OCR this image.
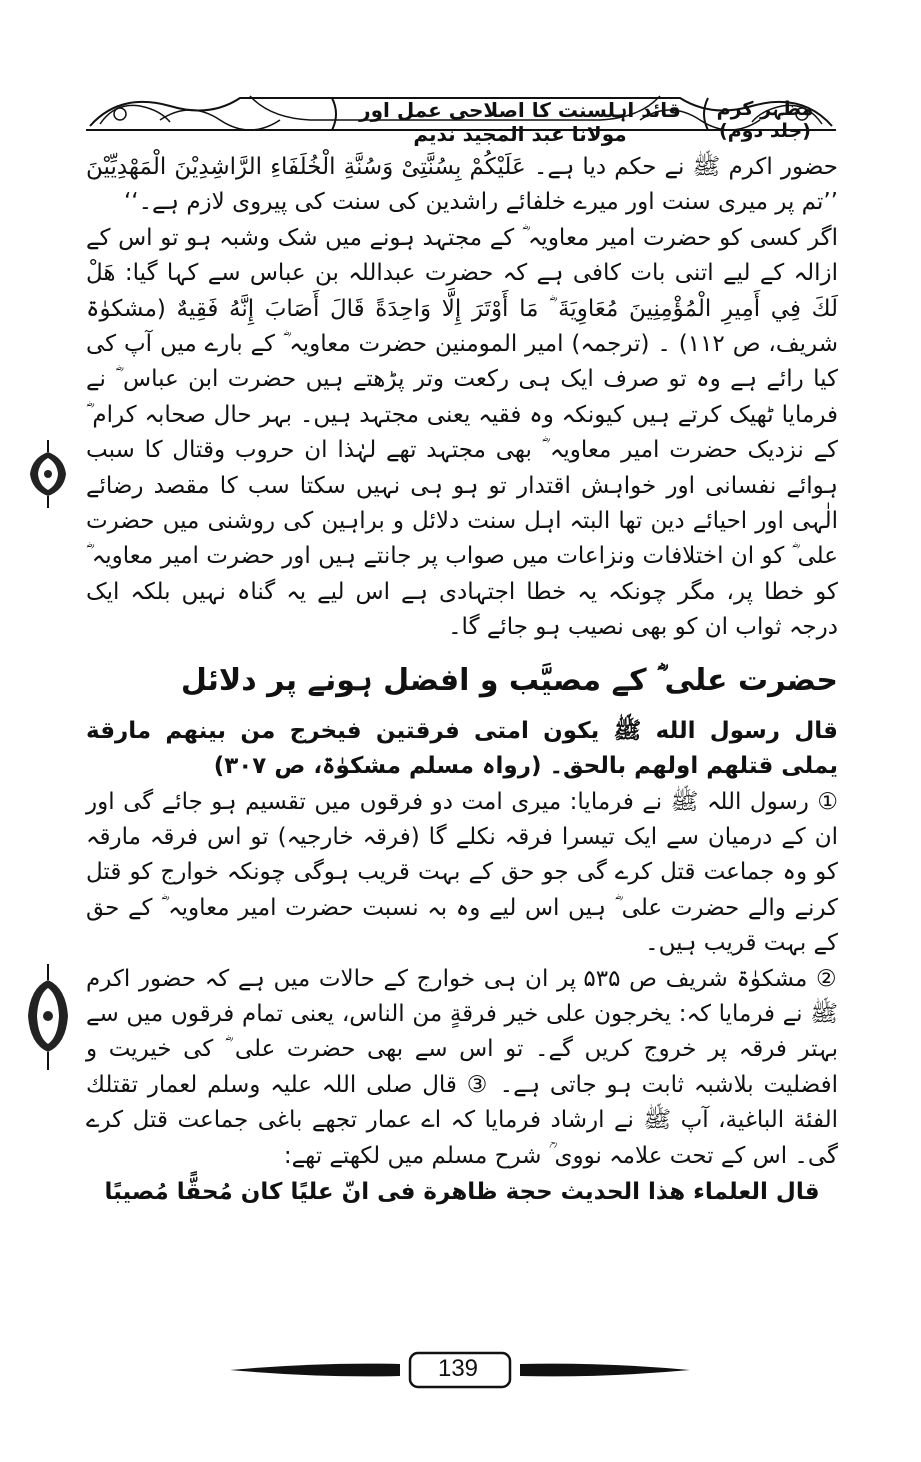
قائد اہلسنت کا اصلاحی عمل اور مولانا عبد المجید ندیم
مظہر کرم (جلد دوم)

حضور اکرم ﷺ نے حکم دیا ہے۔ عَلَیْکُمْ بِسُنَّتِیْ وَسُنَّةِ الْخُلَفَاءِ الرَّاشِدِیْنَ الْمَهْدِیِّیْنَ ’’تم پر میری سنت اور میرے خلفائے راشدین کی سنت کی پیروی لازم ہے۔‘‘

اگر کسی کو حضرت امیر معاویہ ؓ کے مجتہد ہونے میں شک وشبہ ہو تو اس کے ازالہ کے لیے اتنی بات کافی ہے کہ حضرت عبداللہ بن عباس سے کہا گیا: هَلْ لَكَ فِي أَمِيرِ الْمُؤْمِنِينَ مُعَاوِيَةَ ؓ مَا أَوْتَرَ إِلَّا وَاحِدَةً قَالَ أَصَابَ إِنَّهُ فَقِيهٌ (مشکوٰۃ شریف، ص ۱۱۲) ۔ (ترجمہ) امیر المومنین حضرت معاویہ ؓ کے بارے میں آپ کی کیا رائے ہے وہ تو صرف ایک ہی رکعت وتر پڑھتے ہیں حضرت ابن عباس ؓ نے فرمایا ٹھیک کرتے ہیں کیونکہ وہ فقیہ یعنی مجتہد ہیں۔ بہر حال صحابہ کرام ؓ کے نزدیک حضرت امیر معاویہ ؓ بھی مجتہد تھے لہٰذا ان حروب وقتال کا سبب ہوائے نفسانی اور خواہش اقتدار تو ہو ہی نہیں سکتا سب کا مقصد رضائے الٰہی اور احیائے دین تھا البتہ اہل سنت دلائل و براہین کی روشنی میں حضرت علی ؓ کو ان اختلافات ونزاعات میں صواب پر جانتے ہیں اور حضرت امیر معاویہ ؓ کو خطا پر، مگر چونکہ یہ خطا اجتہادی ہے اس لیے یہ گناہ نہیں بلکہ ایک درجہ ثواب ان کو بھی نصیب ہو جائے گا۔

حضرت علی ؓ کے مصیَّب و افضل ہونے پر دلائل

قال رسول الله ﷺ یکون امتی فرقتین فیخرج من بینهم مارقة یملی قتلهم اولهم بالحق۔ (رواہ مسلم مشکوٰۃ، ص ۳۰۷)

① رسول اللہ ﷺ نے فرمایا: میری امت دو فرقوں میں تقسیم ہو جائے گی اور ان کے درمیان سے ایک تیسرا فرقہ نکلے گا (فرقہ خارجیہ) تو اس فرقہ مارقہ کو وہ جماعت قتل کرے گی جو حق کے بہت قریب ہوگی چونکہ خوارج کو قتل کرنے والے حضرت علی ؓ ہیں اس لیے وہ بہ نسبت حضرت امیر معاویہ ؓ کے حق کے بہت قریب ہیں۔

② مشکوٰۃ شریف ص ۵۳۵ پر ان ہی خوارج کے حالات میں ہے کہ حضور اکرم ﷺ نے فرمایا کہ: یخرجون علی خیر فرقةٍ من الناس، یعنی تمام فرقوں میں سے بہتر فرقہ پر خروج کریں گے۔ تو اس سے بھی حضرت علی ؓ کی خیریت و افضلیت بلاشبہ ثابت ہو جاتی ہے۔ ③ قال صلی اللہ علیہ وسلم لعمار تقتلك الفئة الباغیة، آپ ﷺ نے ارشاد فرمایا کہ اے عمار تجھے باغی جماعت قتل کرے گی۔ اس کے تحت علامہ نووی ؒ شرح مسلم میں لکھتے تھے:

قال العلماء هذا الحدیث حجة ظاهرة فی انّ علیًا کان مُحقًّا مُصیبًا

139
